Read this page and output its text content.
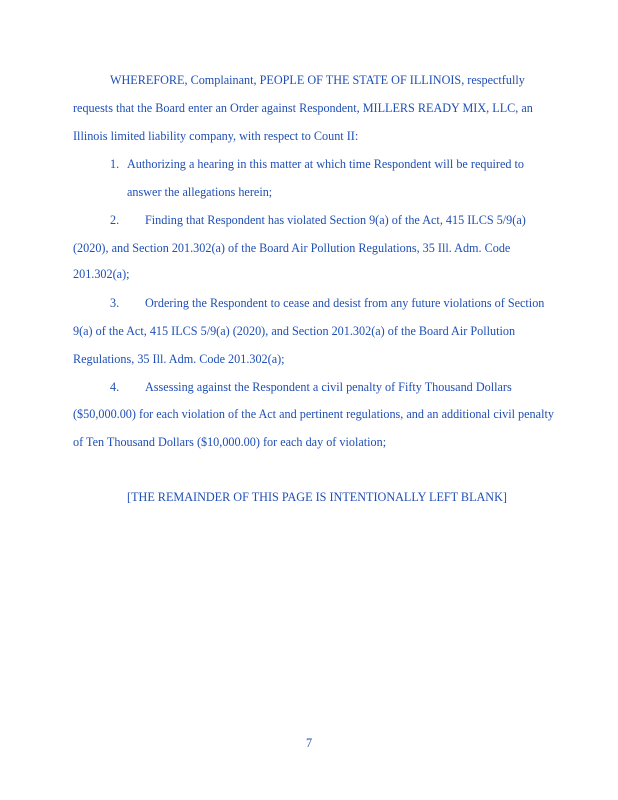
WHEREFORE, Complainant, PEOPLE OF THE STATE OF ILLINOIS, respectfully
requests that the Board enter an Order against Respondent, MILLERS READY MIX, LLC, an
Illinois limited liability company, with respect to Count II:
1. Authorizing a hearing in this matter at which time Respondent will be required to
answer the allegations herein;
2. Finding that Respondent has violated Section 9(a) of the Act, 415 ILCS 5/9(a)
(2020), and Section 201.302(a) of the Board Air Pollution Regulations, 35 Ill. Adm. Code
201.302(a);
3. Ordering the Respondent to cease and desist from any future violations of Section
9(a) of the Act, 415 ILCS 5/9(a) (2020), and Section 201.302(a) of the Board Air Pollution
Regulations, 35 Ill. Adm. Code 201.302(a);
4. Assessing against the Respondent a civil penalty of Fifty Thousand Dollars
($50,000.00) for each violation of the Act and pertinent regulations, and an additional civil penalty
of Ten Thousand Dollars ($10,000.00) for each day of violation;
[THE REMAINDER OF THIS PAGE IS INTENTIONALLY LEFT BLANK]
7
